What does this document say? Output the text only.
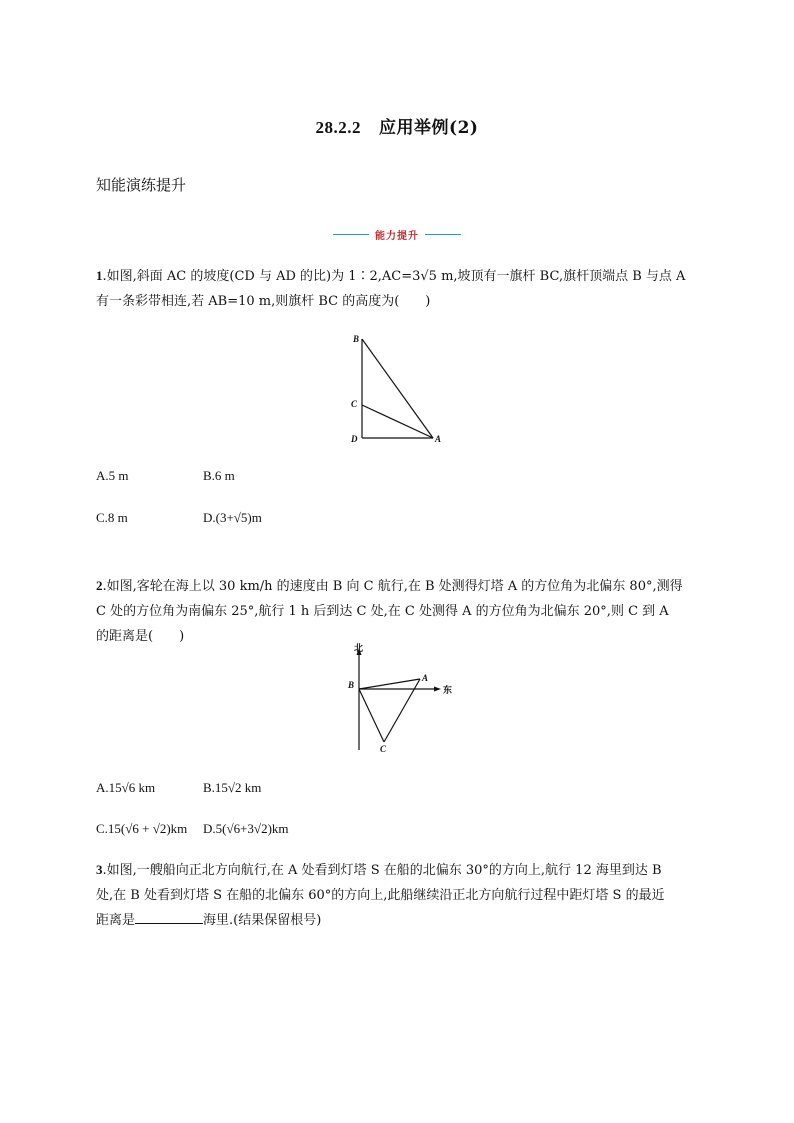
28.2.2 应用举例(2)
知能演练提升
能力提升
1.如图,斜面 AC 的坡度(CD 与 AD 的比)为 1∶2,AC=3√5 m,坡顶有一旗杆 BC,旗杆顶端点 B 与点 A
有一条彩带相连,若 AB=10 m,则旗杆 BC 的高度为(　　)
B
C
D	A
A.5 m	B.6 m
C.8 m	D.(3+√5)m
2.如图,客轮在海上以 30 km/h 的速度由 B 向 C 航行,在 B 处测得灯塔 A 的方位角为北偏东 80°,测得
C 处的方位角为南偏东 25°,航行 1 h 后到达 C 处,在 C 处测得 A 的方位角为北偏东 20°,则 C 到 A
的距离是(　　)
北
B
A
东
C
A.15√6 km	B.15√2 km
C.15(√6 + √2)km D.5(√6+3√2)km
3.如图,一艘船向正北方向航行,在 A 处看到灯塔 S 在船的北偏东 30°的方向上,航行 12 海里到达 B
处,在 B 处看到灯塔 S 在船的北偏东 60°的方向上,此船继续沿正北方向航行过程中距灯塔 S 的最近
距离是	海里.(结果保留根号)
